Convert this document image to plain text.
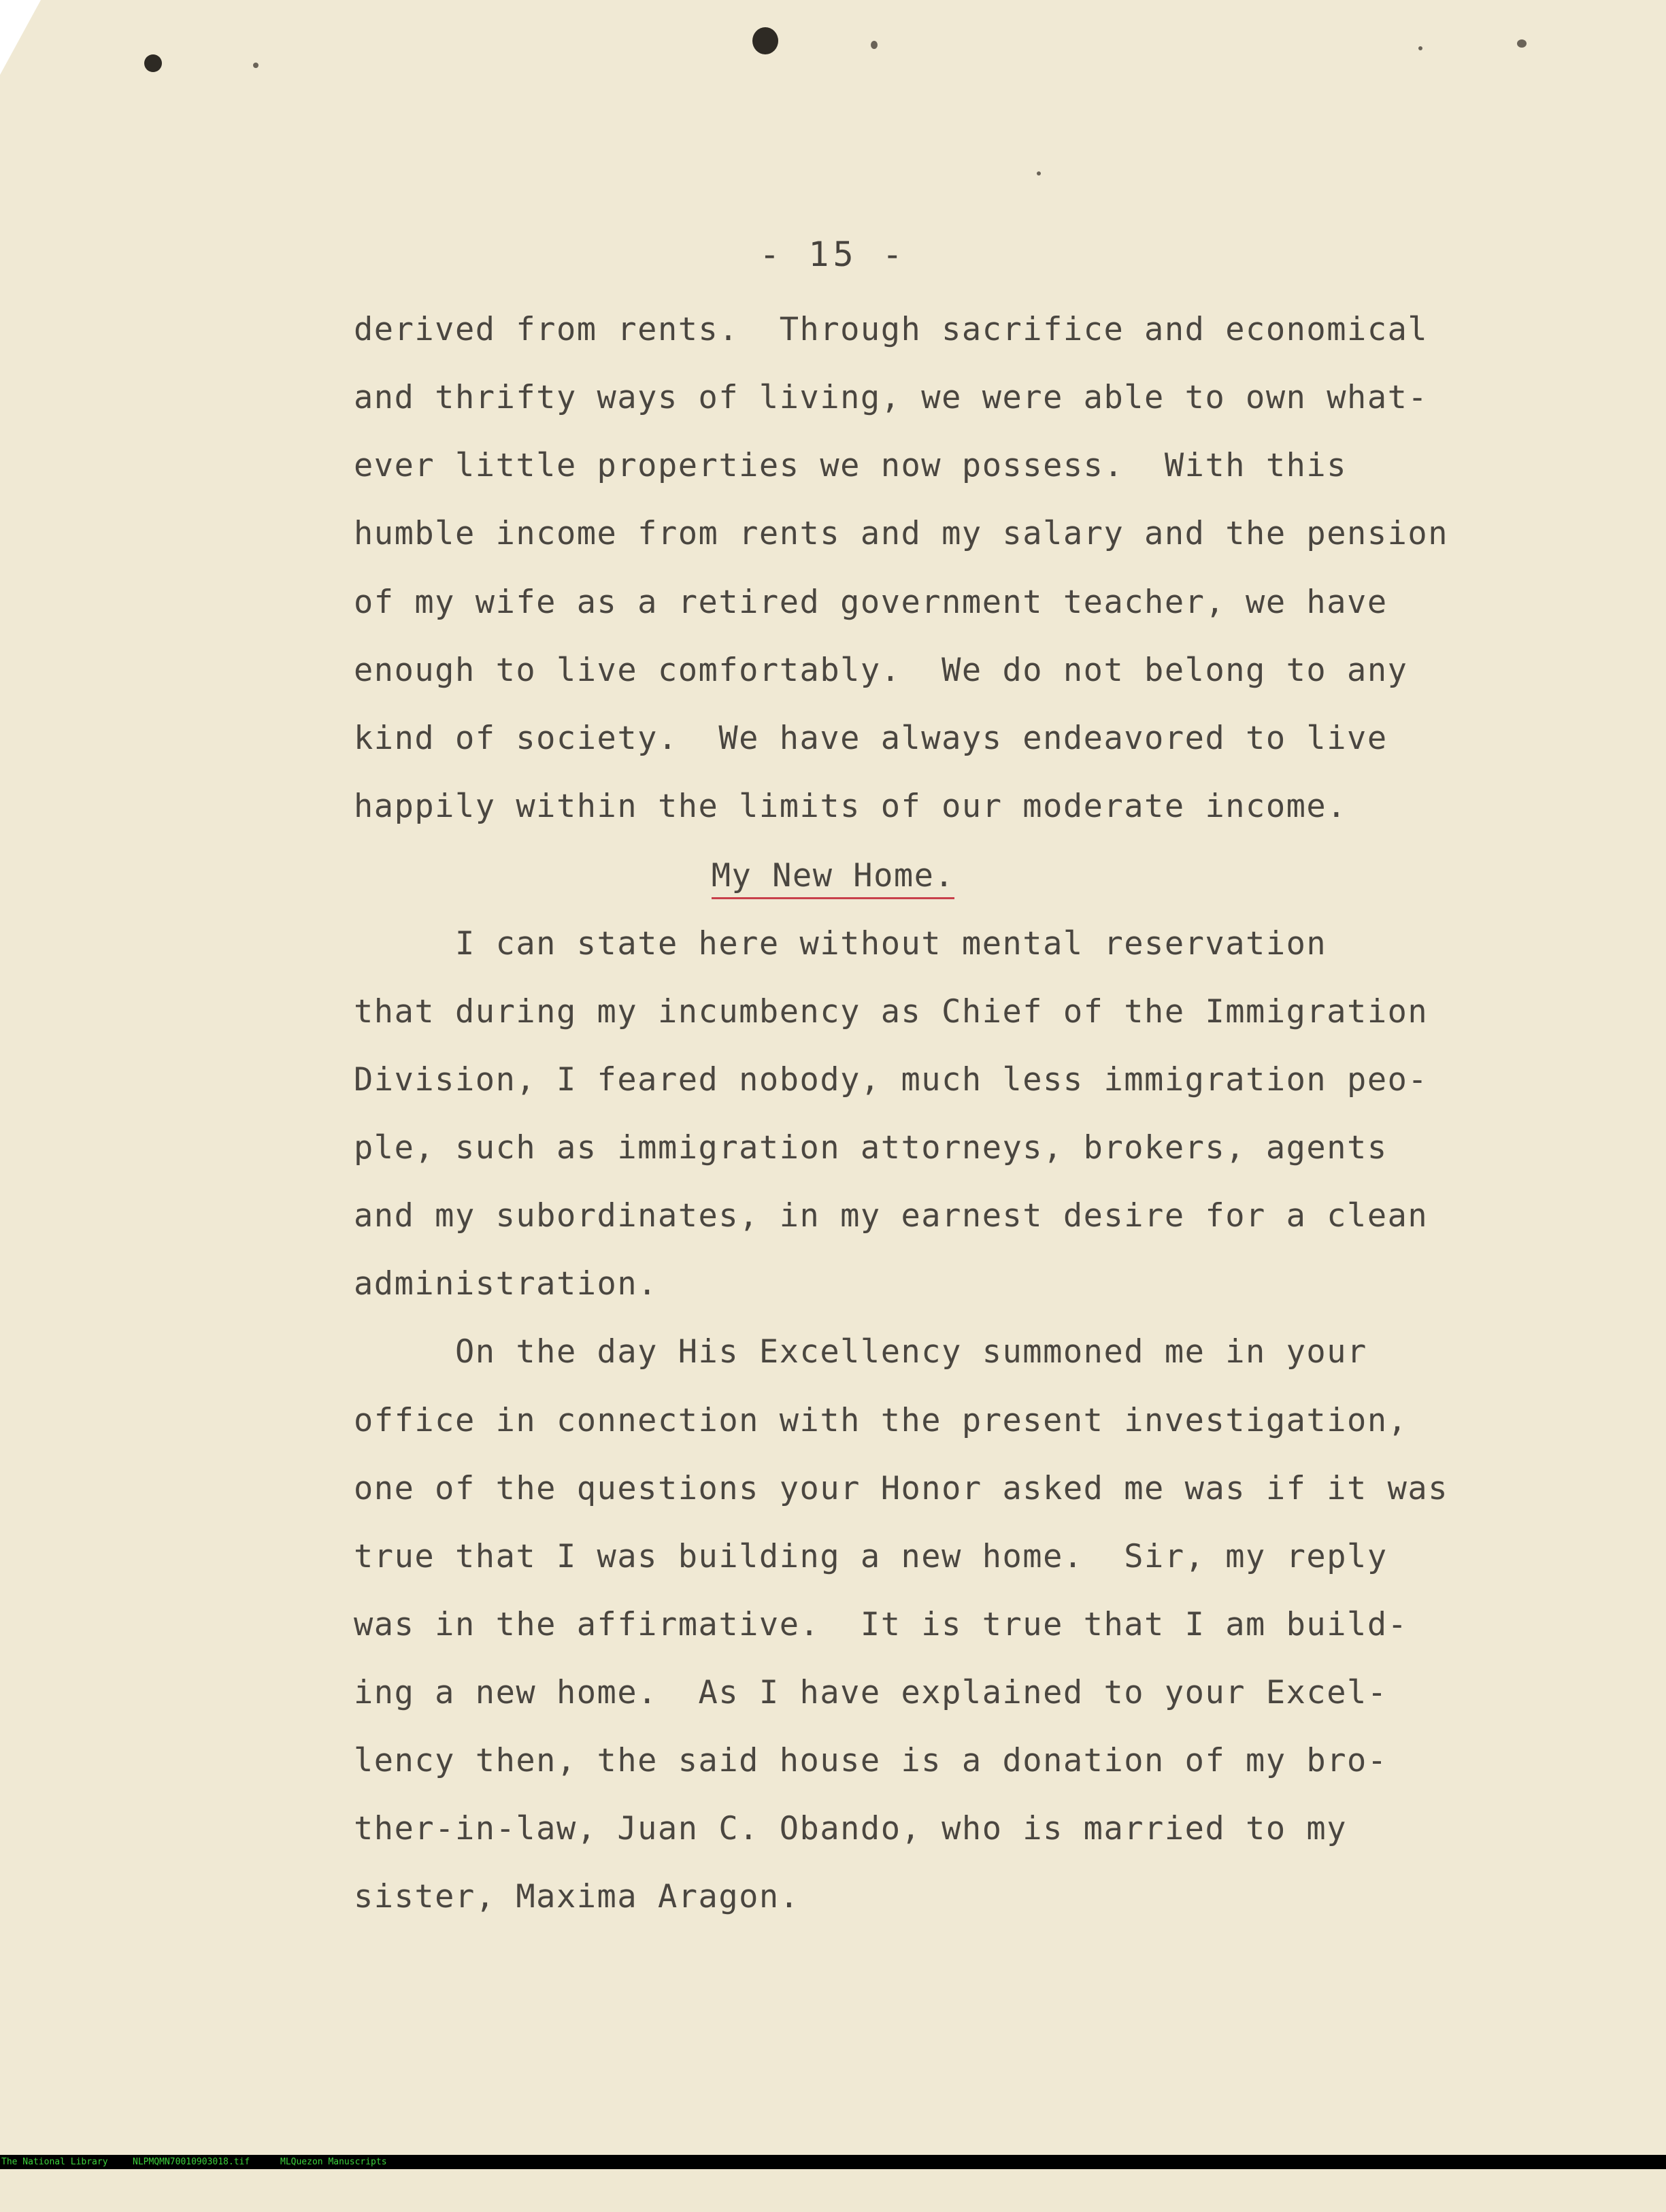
- 15 -
derived from rents.  Through sacrifice and economical
and thrifty ways of living, we were able to own what-
ever little properties we now possess.  With this
humble income from rents and my salary and the pension
of my wife as a retired government teacher, we have
enough to live comfortably.  We do not belong to any
kind of society.  We have always endeavored to live
happily within the limits of our moderate income.
My New Home.
I can state here without mental reservation
that during my incumbency as Chief of the Immigration
Division, I feared nobody, much less immigration peo-
ple, such as immigration attorneys, brokers, agents
and my subordinates, in my earnest desire for a clean
administration.
On the day His Excellency summoned me in your
office in connection with the present investigation,
one of the questions your Honor asked me was if it was
true that I was building a new home.  Sir, my reply
was in the affirmative.  It is true that I am build-
ing a new home.  As I have explained to your Excel-
lency then, the said house is a donation of my bro-
ther-in-law, Juan C. Obando, who is married to my
sister, Maxima Aragon.

The National Library

	NLPMQMN70010903018.tif

	MLQuezon Manuscripts
